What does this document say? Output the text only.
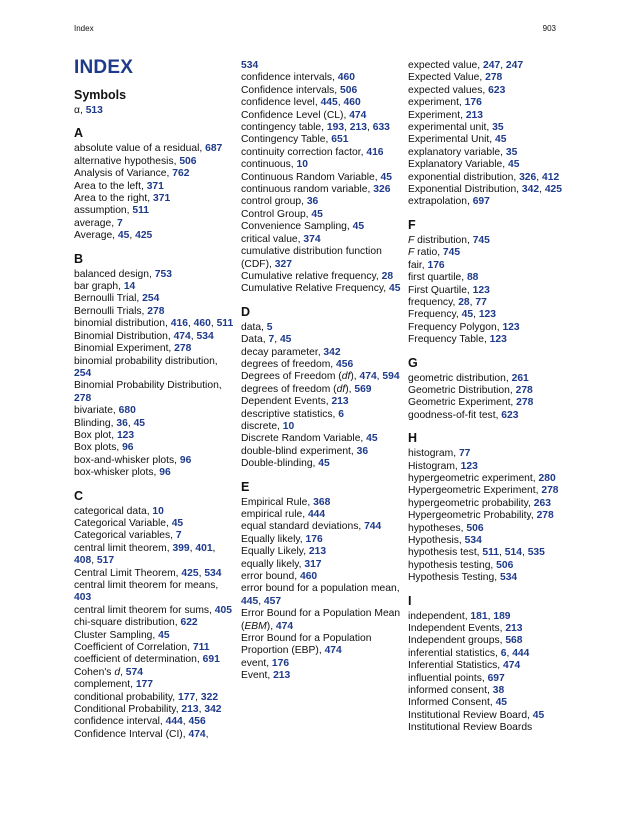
Index	903
INDEX
Symbols
α, 513
A
absolute value of a residual, 687
alternative hypothesis, 506
Analysis of Variance, 762
Area to the left, 371
Area to the right, 371
assumption, 511
average, 7
Average, 45, 425
B
balanced design, 753
bar graph, 14
Bernoulli Trial, 254
Bernoulli Trials, 278
binomial distribution, 416, 460, 511
Binomial Distribution, 474, 534
Binomial Experiment, 278
binomial probability distribution, 254
Binomial Probability Distribution, 278
bivariate, 680
Blinding, 36, 45
Box plot, 123
Box plots, 96
box-and-whisker plots, 96
box-whisker plots, 96
C
categorical data, 10
Categorical Variable, 45
Categorical variables, 7
central limit theorem, 399, 401, 408, 517
Central Limit Theorem, 425, 534
central limit theorem for means, 403
central limit theorem for sums, 405
chi-square distribution, 622
Cluster Sampling, 45
Coefficient of Correlation, 711
coefficient of determination, 691
Cohen's d, 574
complement, 177
conditional probability, 177, 322
Conditional Probability, 213, 342
confidence interval, 444, 456
Confidence Interval (CI), 474,
534
confidence intervals, 460
Confidence intervals, 506
confidence level, 445, 460
Confidence Level (CL), 474
contingency table, 193, 213, 633
Contingency Table, 651
continuity correction factor, 416
continuous, 10
Continuous Random Variable, 45
continuous random variable, 326
control group, 36
Control Group, 45
Convenience Sampling, 45
critical value, 374
cumulative distribution function (CDF), 327
Cumulative relative frequency, 28
Cumulative Relative Frequency, 45
D
data, 5
Data, 7, 45
decay parameter, 342
degrees of freedom, 456
Degrees of Freedom (df), 474, 594
degrees of freedom (df), 569
Dependent Events, 213
descriptive statistics, 6
discrete, 10
Discrete Random Variable, 45
double-blind experiment, 36
Double-blinding, 45
E
Empirical Rule, 368
empirical rule, 444
equal standard deviations, 744
Equally likely, 176
Equally Likely, 213
equally likely, 317
error bound, 460
error bound for a population mean, 445, 457
Error Bound for a Population Mean (EBM), 474
Error Bound for a Population Proportion (EBP), 474
event, 176
Event, 213
expected value, 247, 247
Expected Value, 278
expected values, 623
experiment, 176
Experiment, 213
experimental unit, 35
Experimental Unit, 45
explanatory variable, 35
Explanatory Variable, 45
exponential distribution, 326, 412
Exponential Distribution, 342, 425
extrapolation, 697
F
F distribution, 745
F ratio, 745
fair, 176
first quartile, 88
First Quartile, 123
frequency, 28, 77
Frequency, 45, 123
Frequency Polygon, 123
Frequency Table, 123
G
geometric distribution, 261
Geometric Distribution, 278
Geometric Experiment, 278
goodness-of-fit test, 623
H
histogram, 77
Histogram, 123
hypergeometric experiment, 280
Hypergeometric Experiment, 278
hypergeometric probability, 263
Hypergeometric Probability, 278
hypotheses, 506
Hypothesis, 534
hypothesis test, 511, 514, 535
hypothesis testing, 506
Hypothesis Testing, 534
I
independent, 181, 189
Independent Events, 213
Independent groups, 568
inferential statistics, 6, 444
Inferential Statistics, 474
influential points, 697
informed consent, 38
Informed Consent, 45
Institutional Review Board, 45
Institutional Review Boards
